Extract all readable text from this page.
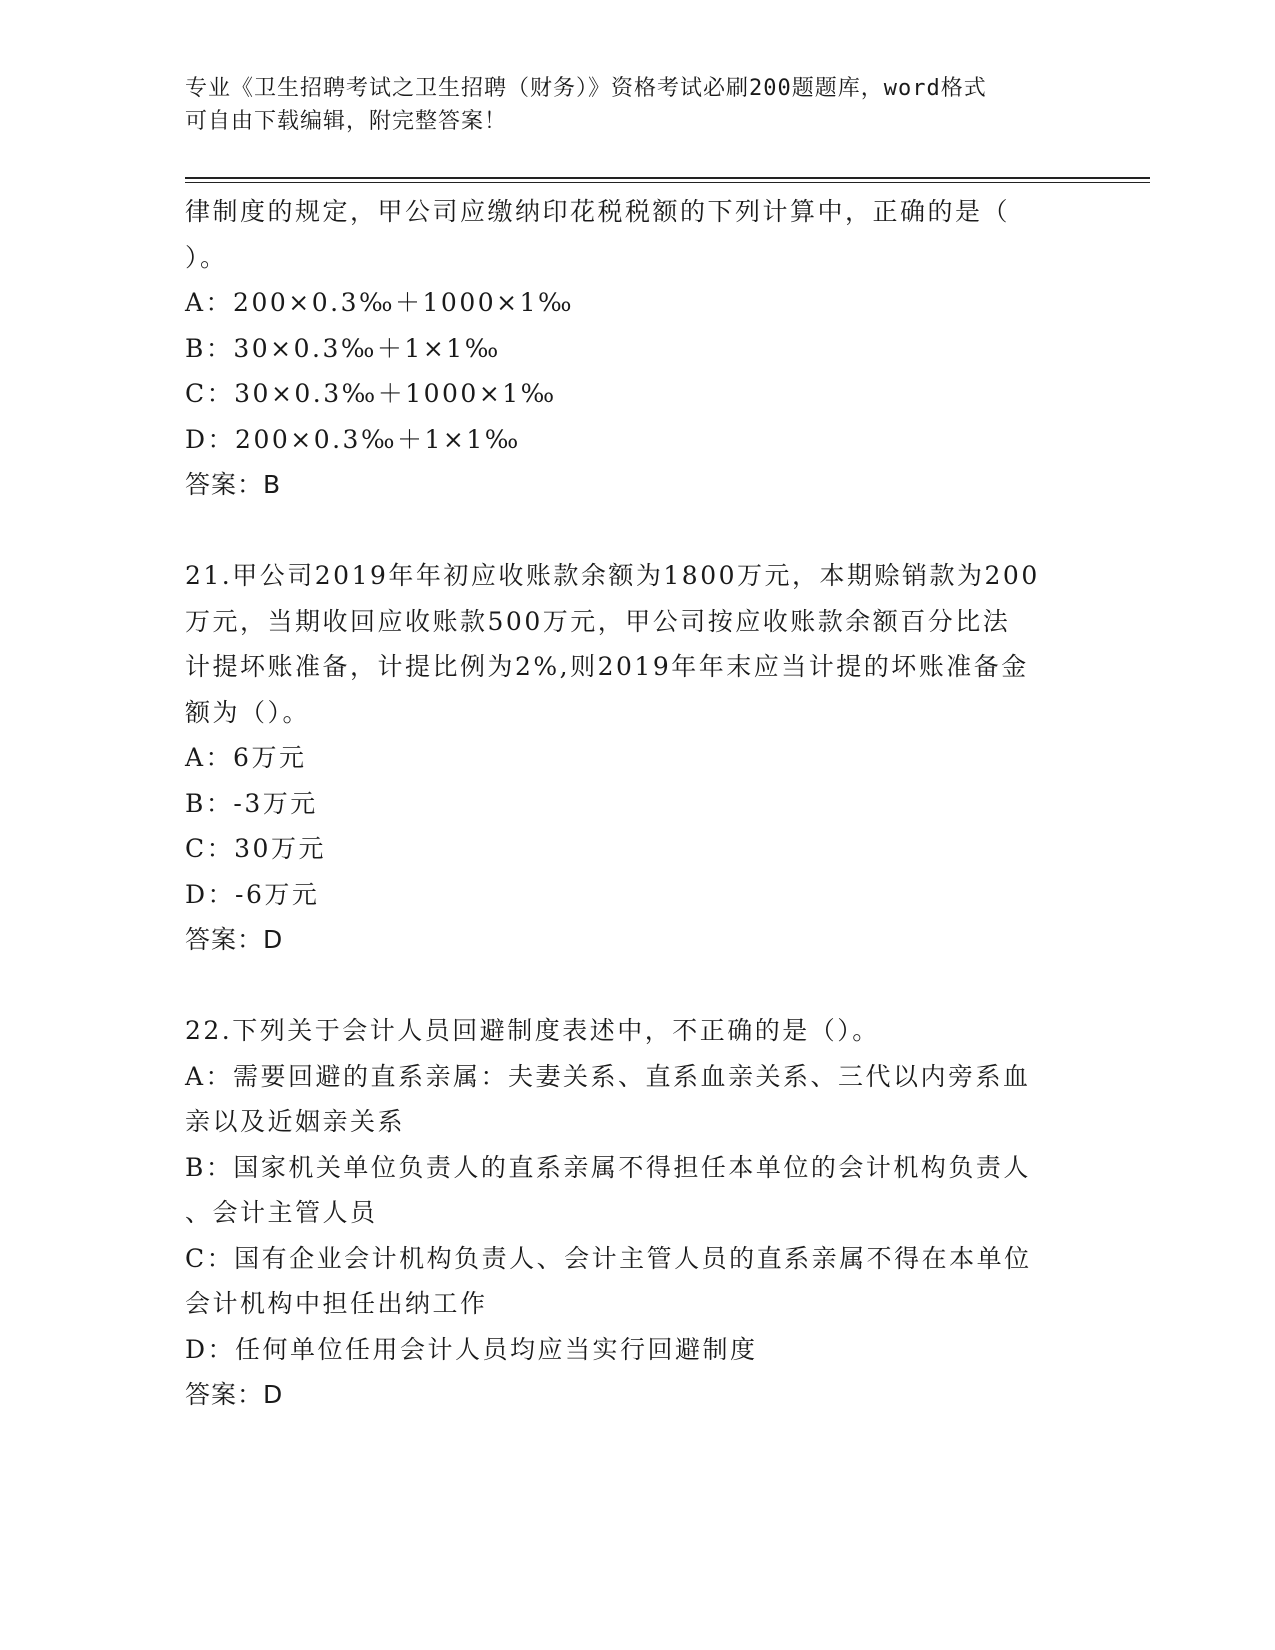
专业《卫生招聘考试之卫生招聘（财务）》资格考试必刷200题题库，word格式
可自由下载编辑，附完整答案！
律制度的规定，甲公司应缴纳印花税税额的下列计算中，正确的是（
）。
A：200×0.3‰＋1000×1‰
B：30×0.3‰＋1×1‰
C：30×0.3‰＋1000×1‰
D：200×0.3‰＋1×1‰
答案：B
21.甲公司2019年年初应收账款余额为1800万元，本期赊销款为200
万元，当期收回应收账款500万元，甲公司按应收账款余额百分比法
计提坏账准备，计提比例为2%,则2019年年末应当计提的坏账准备金
额为（）。
A：6万元
B：-3万元
C：30万元
D：-6万元
答案：D
22.下列关于会计人员回避制度表述中，不正确的是（）。
A：需要回避的直系亲属：夫妻关系、直系血亲关系、三代以内旁系血
亲以及近姻亲关系
B：国家机关单位负责人的直系亲属不得担任本单位的会计机构负责人
、会计主管人员
C：国有企业会计机构负责人、会计主管人员的直系亲属不得在本单位
会计机构中担任出纳工作
D：任何单位任用会计人员均应当实行回避制度
答案：D
